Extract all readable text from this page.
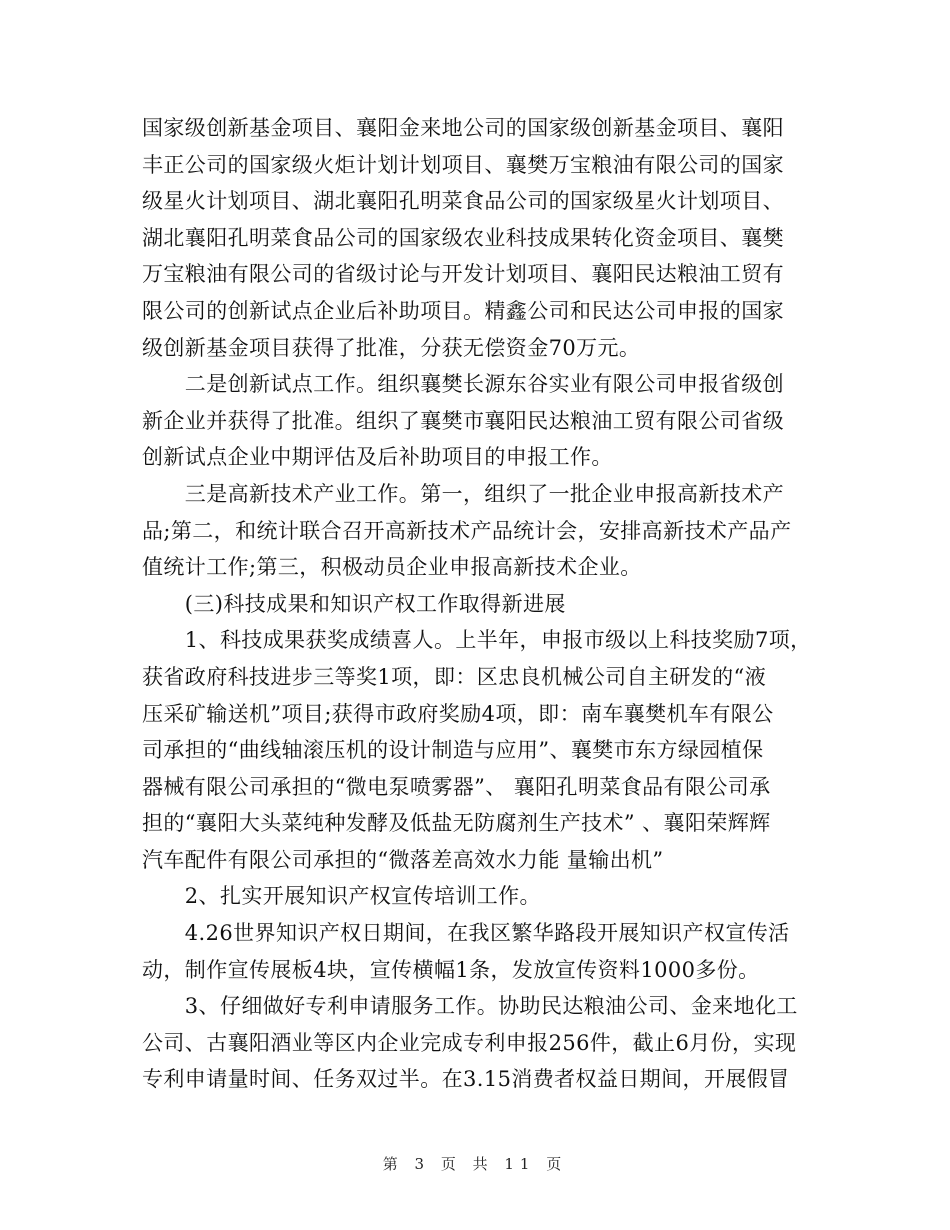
国家级创新基金项目、襄阳金来地公司的国家级创新基金项目、襄阳
丰正公司的国家级火炬计划计划项目、襄樊万宝粮油有限公司的国家
级星火计划项目、湖北襄阳孔明菜食品公司的国家级星火计划项目、
湖北襄阳孔明菜食品公司的国家级农业科技成果转化资金项目、襄樊
万宝粮油有限公司的省级讨论与开发计划项目、襄阳民达粮油工贸有
限公司的创新试点企业后补助项目。精鑫公司和民达公司申报的国家
级创新基金项目获得了批准，分获无偿资金70万元。
　　二是创新试点工作。组织襄樊长源东谷实业有限公司申报省级创
新企业并获得了批准。组织了襄樊市襄阳民达粮油工贸有限公司省级
创新试点企业中期评估及后补助项目的申报工作。
　　三是高新技术产业工作。第一，组织了一批企业申报高新技术产
品;第二，和统计联合召开高新技术产品统计会，安排高新技术产品产
值统计工作;第三，积极动员企业申报高新技术企业。
　　(三)科技成果和知识产权工作取得新进展
　　1、科技成果获奖成绩喜人。上半年，申报市级以上科技奖励7项，
获省政府科技进步三等奖1项，即：区忠良机械公司自主研发的“液
压采矿输送机”项目;获得市政府奖励4项，即：南车襄樊机车有限公
司承担的“曲线轴滚压机的设计制造与应用”、襄樊市东方绿园植保
器械有限公司承担的“微电泵喷雾器”、 襄阳孔明菜食品有限公司承
担的“襄阳大头菜纯种发酵及低盐无防腐剂生产技术” 、襄阳荣辉辉
汽车配件有限公司承担的“微落差高效水力能 量输出机”
　　2、扎实开展知识产权宣传培训工作。
　　4.26世界知识产权日期间，在我区繁华路段开展知识产权宣传活
动，制作宣传展板4块，宣传横幅1条，发放宣传资料1000多份。
　　3、仔细做好专利申请服务工作。协助民达粮油公司、金来地化工
公司、古襄阳酒业等区内企业完成专利申报256件，截止6月份，实现
专利申请量时间、任务双过半。在3.15消费者权益日期间，开展假冒
第 3 页 共 11 页
